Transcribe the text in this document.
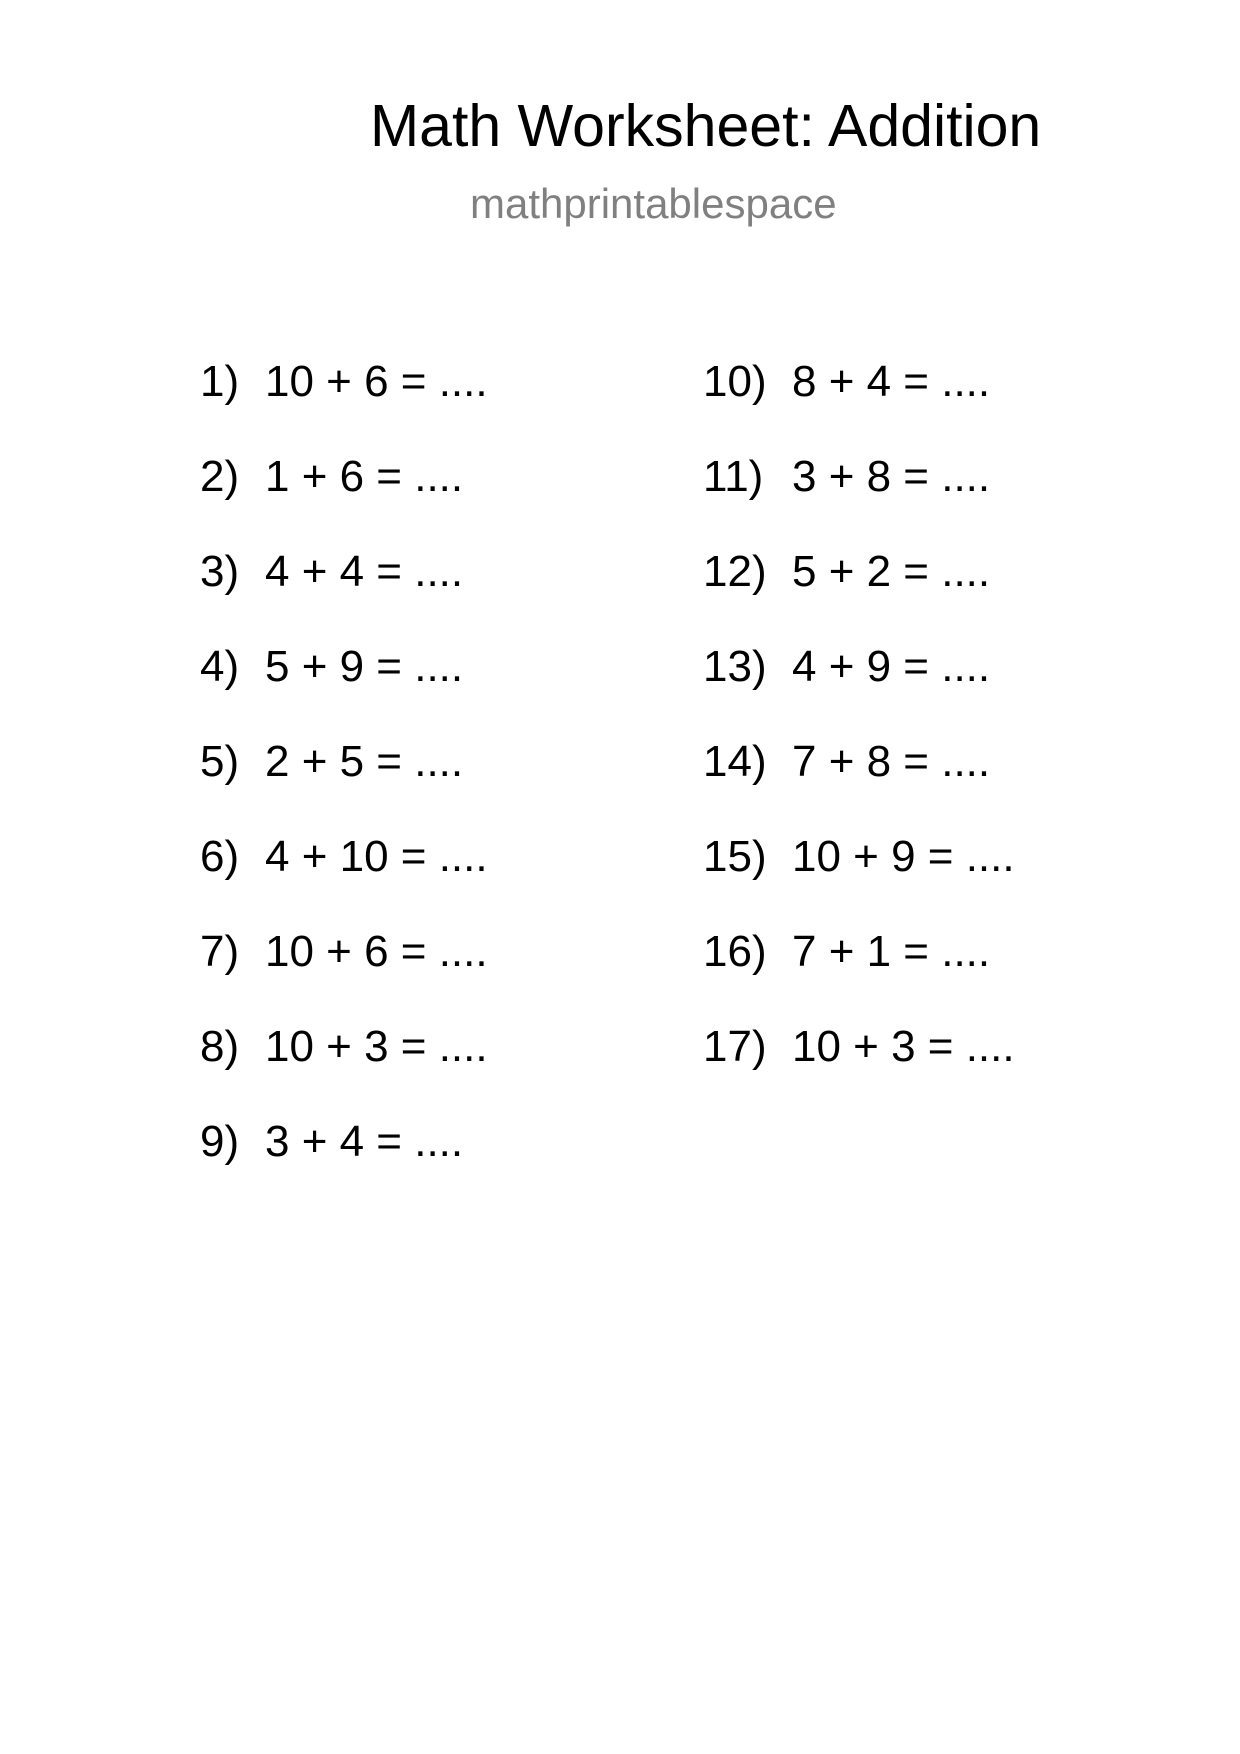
Math Worksheet: Addition
mathprintablespace
1) 10 + 6 = ....
2) 1 + 6 = ....
3) 4 + 4 = ....
4) 5 + 9 = ....
5) 2 + 5 = ....
6) 4 + 10 = ....
7) 10 + 6 = ....
8) 10 + 3 = ....
9) 3 + 4 = ....
10) 8 + 4 = ....
11) 3 + 8 = ....
12) 5 + 2 = ....
13) 4 + 9 = ....
14) 7 + 8 = ....
15) 10 + 9 = ....
16) 7 + 1 = ....
17) 10 + 3 = ....
